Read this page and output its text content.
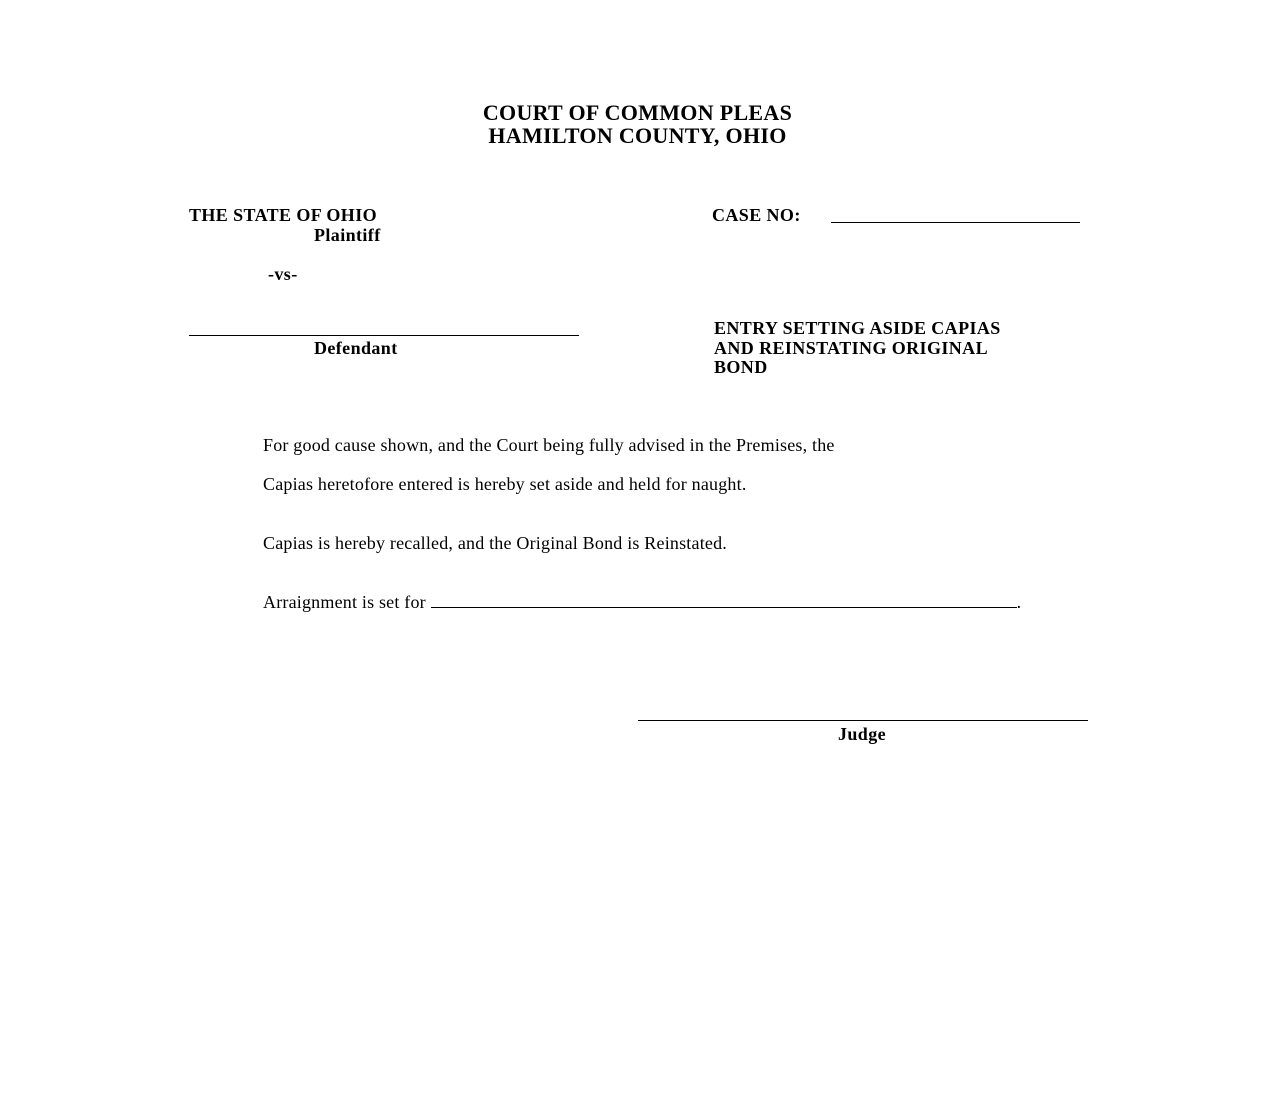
COURT OF COMMON PLEAS
HAMILTON COUNTY, OHIO
THE STATE OF OHIO
Plaintiff
-vs-
Defendant
CASE NO:
ENTRY SETTING ASIDE CAPIAS
AND REINSTATING ORIGINAL
BOND
For good cause shown, and the Court being fully advised in the Premises, the
Capias heretofore entered is hereby set aside and held for naught.
Capias is hereby recalled, and the Original Bond is Reinstated.
Arraignment is set for	.
Judge
